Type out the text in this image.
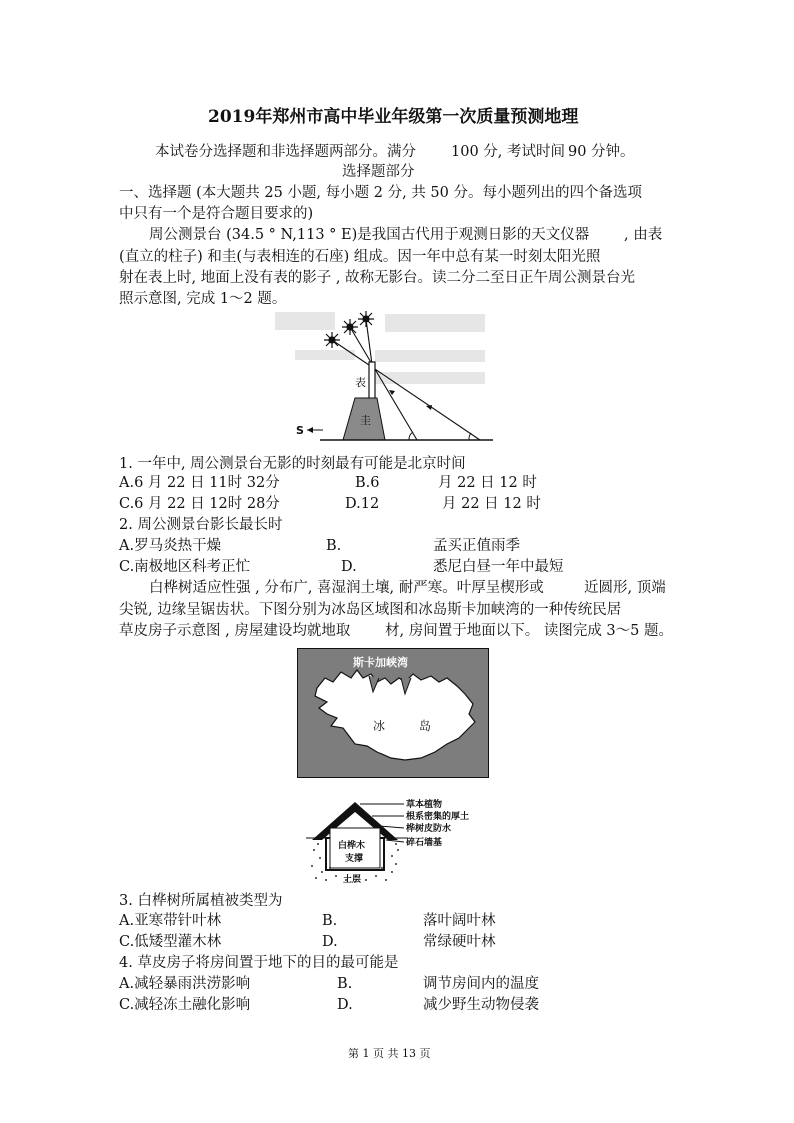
2019年郑州市高中毕业年级第一次质量预测地理
本试卷分选择题和非选择题两部分。满分 100 分, 考试时间 90 分钟。
选择题部分
一、选择题 (本大题共 25 小题, 每小题 2 分, 共 50 分。每小题列出的四个备选项
中只有一个是符合题目要求的)
周公测景台 (34.5 ° N,113 ° E)是我国古代用于观测日影的天文仪器 , 由表
(直立的柱子) 和圭(与表相连的石座) 组成。因一年中总有某一时刻太阳光照
射在表上时, 地面上没有表的影子 , 故称无影台。读二分二至日正午周公测景台光
照示意图, 完成 1～2 题。
S
表
圭
1. 一年中, 周公测景台无影的时刻最有可能是北京时间
A.6 月 22 日 11时 32分	B.6	月 22 日 12 时
C.6 月 22 日 12时 28分	D.12	月 22 日 12 时
2. 周公测景台影长最长时
A.罗马炎热干燥	B.	孟买正值雨季
C.南极地区科考正忙	D.	悉尼白昼一年中最短
白桦树适应性强 , 分布广, 喜湿润土壤, 耐严寒。叶厚呈楔形或	近圆形, 顶端
尖锐, 边缘呈锯齿状。下图分别为冰岛区域图和冰岛斯卡加峡湾的一种传统民居
草皮房子示意图 , 房屋建设均就地取 材, 房间置于地面以下。 读图完成 3～5 题。
斯卡加峡湾
冰	岛
白桦木
支撑
土层
草本植物
根系密集的厚土
桦树皮防水
碎石墙基
3. 白桦树所属植被类型为
A.亚寒带针叶林	B.	落叶阔叶林
C.低矮型灌木林	D.	常绿硬叶林
4. 草皮房子将房间置于地下的目的最可能是
A.减轻暴雨洪涝影响	B.	调节房间内的温度
C.减轻冻土融化影响	D.	减少野生动物侵袭
第 1 页 共 13 页
